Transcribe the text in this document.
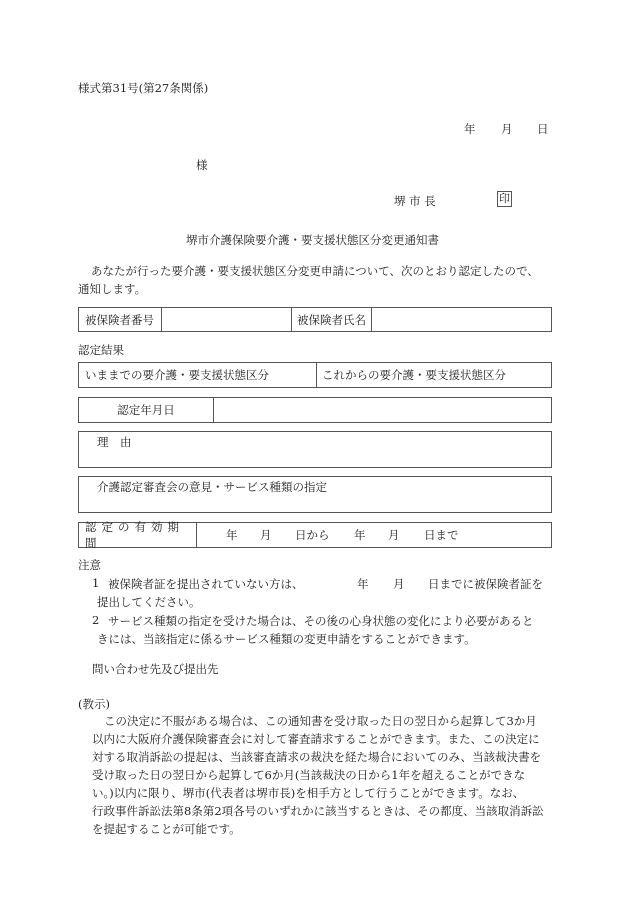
様式第31号(第27条関係)
年 月 日
様
堺 市 長	印
堺市介護保険要介護・要支援状態区分変更通知書
あなたが行った要介護・要支援状態区分変更申請について、次のとおり認定したので、
通知します。
被保険者番号	被保険者氏名
認定結果
いままでの要介護・要支援状態区分	これからの要介護・要支援状態区分
認定年月日
理　由
介護認定審査会の意見・サービス種類の指定
認定の有効期間
年 月 日から 年 月 日まで
注意
1 被保険者証を提出されていない方は、	年 月 日までに被保険者証を
提出してください。
2 サービス種類の指定を受けた場合は、その後の心身状態の変化により必要があると
きには、当該指定に係るサービス種類の変更申請をすることができます。
問い合わせ先及び提出先
(教示)
この決定に不服がある場合は、この通知書を受け取った日の翌日から起算して3か月
以内に大阪府介護保険審査会に対して審査請求することができます。また、この決定に
対する取消訴訟の提起は、当該審査請求の裁決を経た場合においてのみ、当該裁決書を
受け取った日の翌日から起算して6か月(当該裁決の日から1年を超えることができな
い。)以内に限り、堺市(代表者は堺市長)を相手方として行うことができます。なお、
行政事件訴訟法第8条第2項各号のいずれかに該当するときは、その都度、当該取消訴訟
を提起することが可能です。
